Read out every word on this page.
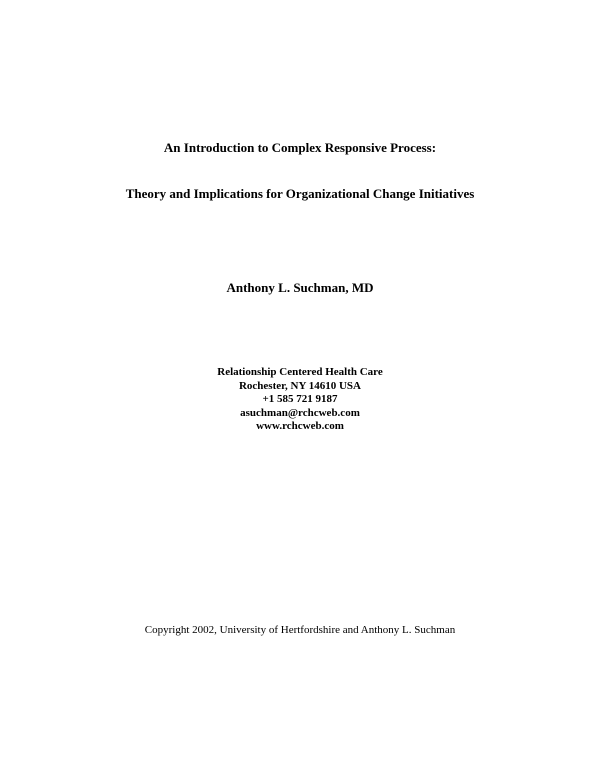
An Introduction to Complex Responsive Process:
Theory and Implications for Organizational Change Initiatives
Anthony L. Suchman, MD
Relationship Centered Health Care
Rochester, NY 14610 USA
+1 585 721 9187
asuchman@rchcweb.com
www.rchcweb.com
Copyright 2002, University of Hertfordshire and Anthony L. Suchman
